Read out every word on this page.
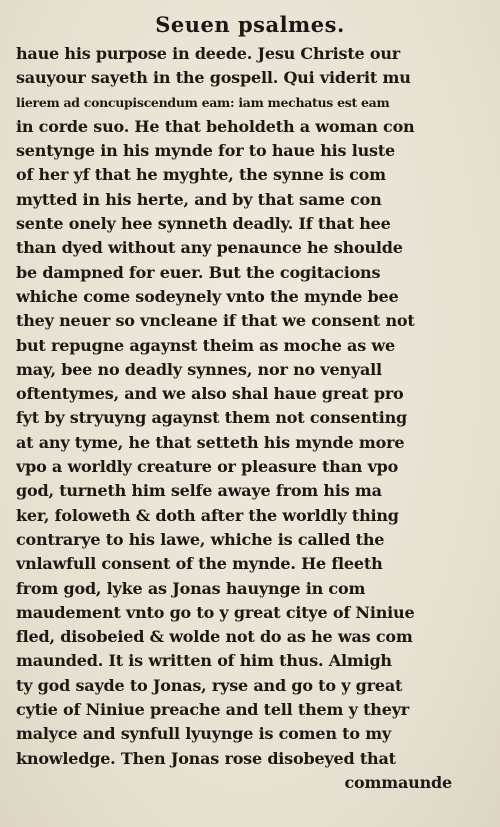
Seuen psalmes.
haue his purpose in deede. Jesu Christe our
sauyour sayeth in the gospell. Qui viderit mu
lierem ad concupiscendum eam: iam mechatus est eam
in corde suo. He that beholdeth a woman con
sentynge in his mynde for to haue his luste
of her yf that he myghte, the synne is com
mytted in his herte, and by that same con
sente onely hee synneth deadly. If that hee
than dyed without any penaunce he shoulde
be dampned for euer. But the cogitacions
whiche come sodeynely vnto the mynde bee
they neuer so vncleane if that we consent not
but repugne agaynst theim as moche as we
may, bee no deadly synnes, nor no venyall
oftentymes, and we also shal haue great pro
fyt by stryuyng agaynst them not consenting
at any tyme, he that setteth his mynde more
vpo a worldly creature or pleasure than vpo
god, turneth him selfe awaye from his ma
ker, foloweth & doth after the worldly thing
contrarye to his lawe, whiche is called the
vnlawfull consent of the mynde. He fleeth
from god, lyke as Jonas hauynge in com
maudement vnto go to y great citye of Niniue
fled, disobeied & wolde not do as he was com
maunded. It is written of him thus. Almigh
ty god sayde to Jonas, ryse and go to y great
cytie of Niniue preache and tell them y theyr
malyce and synfull lyuynge is comen to my
knowledge. Then Jonas rose disobeyed that
commaunde
